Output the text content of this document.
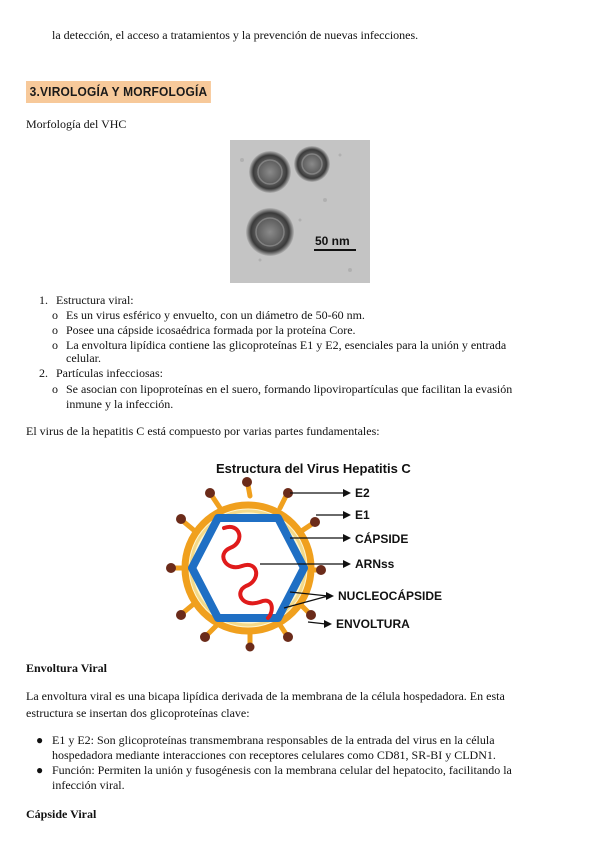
la detección, el acceso a tratamientos y la prevención de nuevas infecciones.
3.VIROLOGÍA Y MORFOLOGÍA
Morfología del VHC
50 nm
1. Estructura viral:
o Es un virus esférico y envuelto, con un diámetro de 50-60 nm.
o Posee una cápside icosaédrica formada por la proteína Core.
o La envoltura lipídica contiene las glicoproteínas E1 y E2, esenciales para la unión y entrada
celular.
2. Partículas infecciosas:
o Se asocian con lipoproteínas en el suero, formando lipoviropartículas que facilitan la evasión
inmune y la infección.
El virus de la hepatitis C está compuesto por varias partes fundamentales:
Estructura del Virus Hepatitis C
E2
E1
CÁPSIDE
ARNss
NUCLEOCÁPSIDE
ENVOLTURA
Envoltura Viral
La envoltura viral es una bicapa lipídica derivada de la membrana de la célula hospedadora. En esta
estructura se insertan dos glicoproteínas clave:
● E1 y E2: Son glicoproteínas transmembrana responsables de la entrada del virus en la célula
hospedadora mediante interacciones con receptores celulares como CD81, SR-BI y CLDN1.
● Función: Permiten la unión y fusogénesis con la membrana celular del hepatocito, facilitando la
infección viral.
Cápside Viral
